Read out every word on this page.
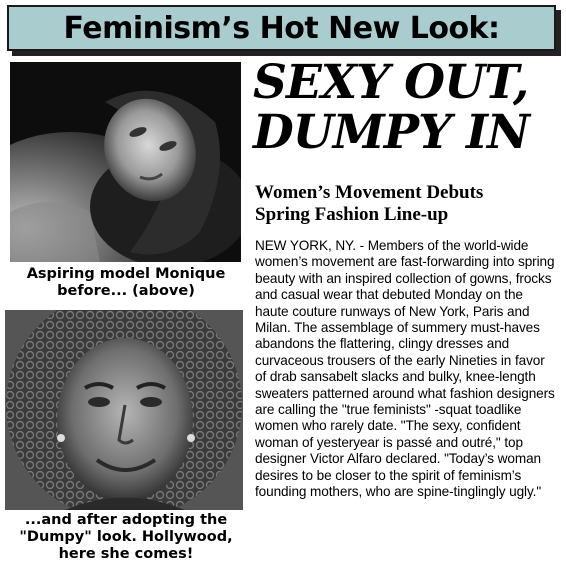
Feminism’s Hot New Look:
Aspiring model Monique
before... (above)
...and after adopting the
"Dumpy" look. Hollywood,
here she comes!
SEXY OUT,
DUMPY IN
Women’s Movement Debuts
Spring Fashion Line-up
NEW YORK, NY. - Members of the world-wide women’s movement are fast-forwarding into spring beauty with an inspired collection of gowns, frocks and casual wear that debuted Monday on the haute couture runways of New York, Paris and Milan. The assemblage of summery must-haves abandons the flattering, clingy dresses and curvaceous trousers of the early Nineties in favor of drab sansabelt slacks and bulky, knee-length sweaters patterned around what fashion designers are calling the "true feminists" -squat toadlike women who rarely date. "The sexy, confident woman of yesteryear is passé and outré," top designer Victor Alfaro declared. "Today’s woman desires to be closer to the spirit of feminism’s founding mothers, who are spine-tinglingly ugly."
